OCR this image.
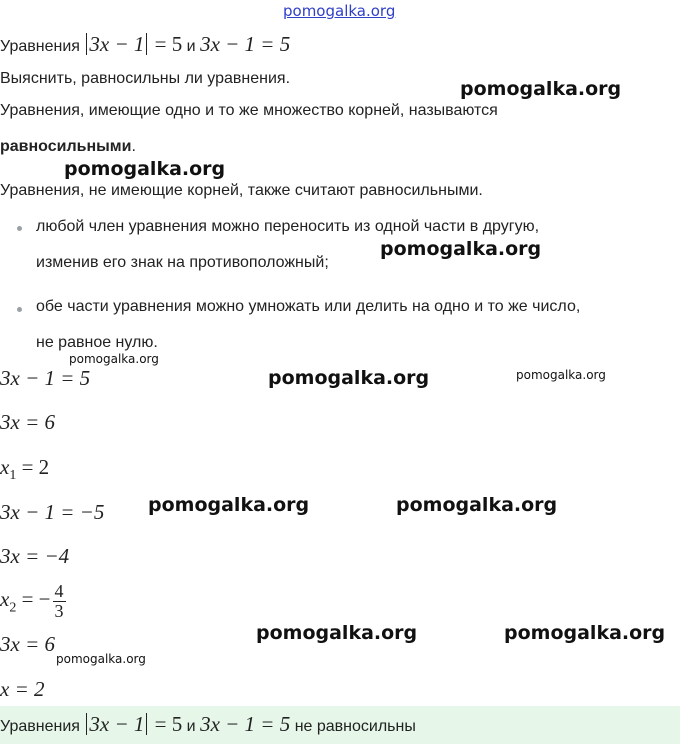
pomogalka.org
Уравнения 3x − 1 = 5 и 3x − 1 = 5
Выяснить, равносильны ли уравнения.
Уравнения, имеющие одно и то же множество корней, называются
равносильными.
Уравнения, не имеющие корней, также считают равносильными.
любой член уравнения можно переносить из одной части в другую,
изменив его знак на противоположный;
обе части уравнения можно умножать или делить на одно и то же число,
не равное нулю.
3x − 1 = 5
3x = 6
$x_1 = 2$
3x − 1 = −5
3x = −4
$x_2$ = − $\frac{4}{3}$
3x = 6
x = 2
Уравнения 3x − 1 = 5 и 3x − 1 = 5 не равносильны
pomogalka.org
pomogalka.org
pomogalka.org
pomogalka.org
pomogalka.org	pomogalka.org
pomogalka.org	pomogalka.org
pomogalka.org	pomogalka.org
pomogalka.org
